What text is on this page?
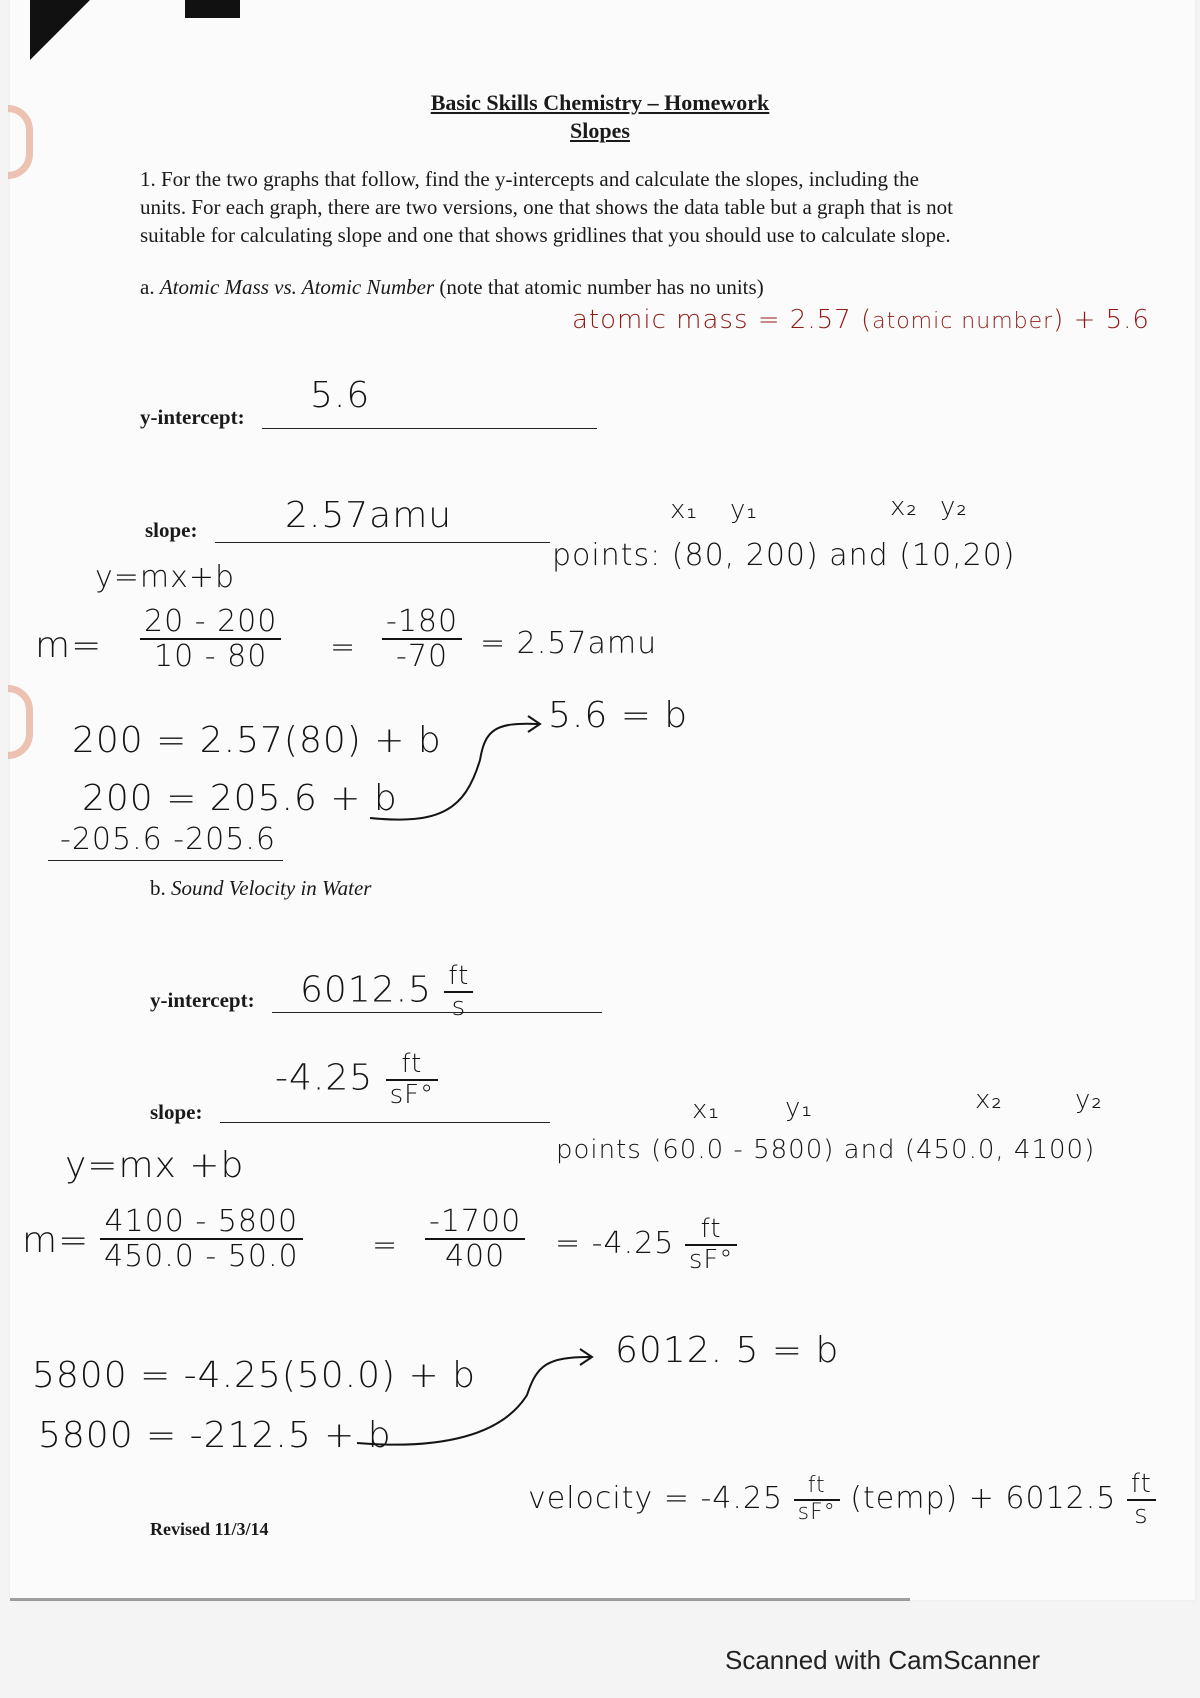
Basic Skills Chemistry – Homework
Slopes
1. For the two graphs that follow, find the y-intercepts and calculate the slopes, including the
units. For each graph, there are two versions, one that shows the data table but a graph that is not
suitable for calculating slope and one that shows gridlines that you should use to calculate slope.
a. Atomic Mass vs. Atomic Number (note that atomic number has no units)
atomic mass = 2.57 (atomic number) + 5.6
y-intercept:
5.6
slope: 2.57amu	x₁ y₁	x₂ y₂
points: (80, 200) and (10,20)
y=mx+b
$m= \frac{20 - 200}{10 - 80} = \frac{-180}{-70} = 2.57amu$
200 = 2.57(80) + b
200 = 205.6 + b
-205.6 -205.6
5.6 = b
b. Sound Velocity in Water
y-intercept: $6012.5 \frac{ft}{s}$
slope:
$-4.25 \frac{ft}{sF^\circ}$
x₁	y₁	x₂	y₂
points (60.0 - 5800) and (450.0, 4100)
y=mx +b
$m= \frac{4100 - 5800}{450.0 - 50.0} = \frac{-1700}{400} = -4.25 \frac{ft}{sF^\circ}$
5800 = -4.25(50.0) + b
5800 = -212.5 + b
6012. 5 = b
velocity = $-4.25 \frac{ft}{sF^\circ}$ (temp) + $6012.5 \frac{ft}{s}$
Revised 11/3/14
Scanned with CamScanner
